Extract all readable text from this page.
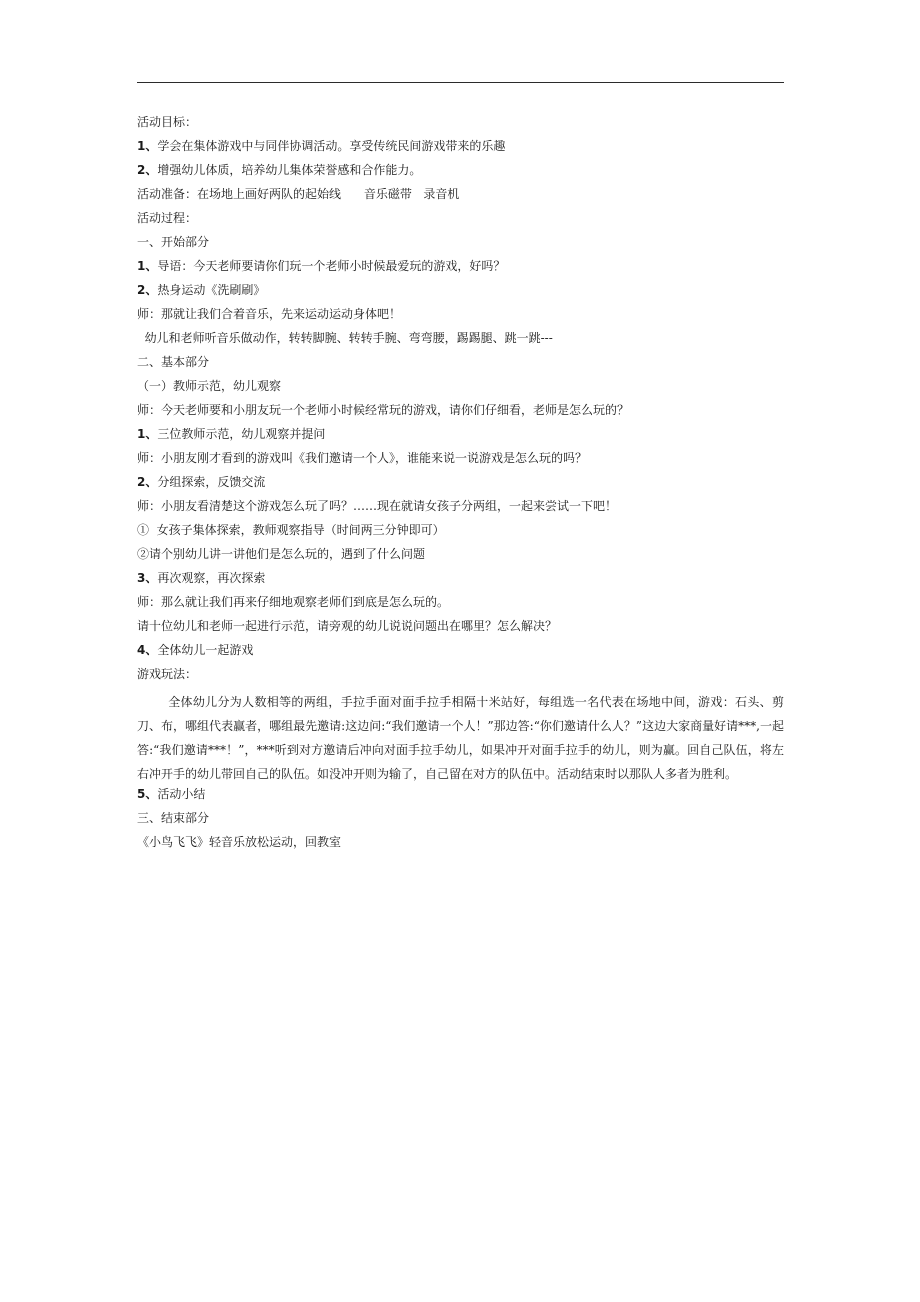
活动目标：
1、学会在集体游戏中与同伴协调活动。享受传统民间游戏带来的乐趣
2、增强幼儿体质，培养幼儿集体荣誉感和合作能力。
活动准备：在场地上画好两队的起始线      音乐磁带   录音机
活动过程：
一、开始部分
1、导语：今天老师要请你们玩一个老师小时候最爱玩的游戏，好吗？
2、热身运动《洗刷刷》
师：那就让我们合着音乐，先来运动运动身体吧！
幼儿和老师听音乐做动作，转转脚腕、转转手腕、弯弯腰，踢踢腿、跳一跳---
二、基本部分
（一）教师示范，幼儿观察
师：今天老师要和小朋友玩一个老师小时候经常玩的游戏，请你们仔细看，老师是怎么玩的？
1、三位教师示范，幼儿观察并提问
师：小朋友刚才看到的游戏叫《我们邀请一个人》，谁能来说一说游戏是怎么玩的吗？
2、分组探索，反馈交流
师：小朋友看清楚这个游戏怎么玩了吗？……现在就请女孩子分两组，一起来尝试一下吧！
①  女孩子集体探索，教师观察指导（时间两三分钟即可）
②请个别幼儿讲一讲他们是怎么玩的，遇到了什么问题
3、再次观察，再次探索
师：那么就让我们再来仔细地观察老师们到底是怎么玩的。
请十位幼儿和老师一起进行示范，请旁观的幼儿说说问题出在哪里？怎么解决？
4、全体幼儿一起游戏
游戏玩法：
全体幼儿分为人数相等的两组，手拉手面对面手拉手相隔十米站好，每组选一名代表在场地中间，游戏：石头、剪刀、布，哪组代表赢者，哪组最先邀请:这边问:“我们邀请一个人！”那边答:“你们邀请什么人？”这边大家商量好请***,一起答:“我们邀请***！”，***听到对方邀请后冲向对面手拉手幼儿，如果冲开对面手拉手的幼儿，则为赢。回自己队伍，将左右冲开手的幼儿带回自己的队伍。如没冲开则为输了，自己留在对方的队伍中。活动结束时以那队人多者为胜利。
5、活动小结
三、结束部分
《小鸟飞飞》轻音乐放松运动，回教室
